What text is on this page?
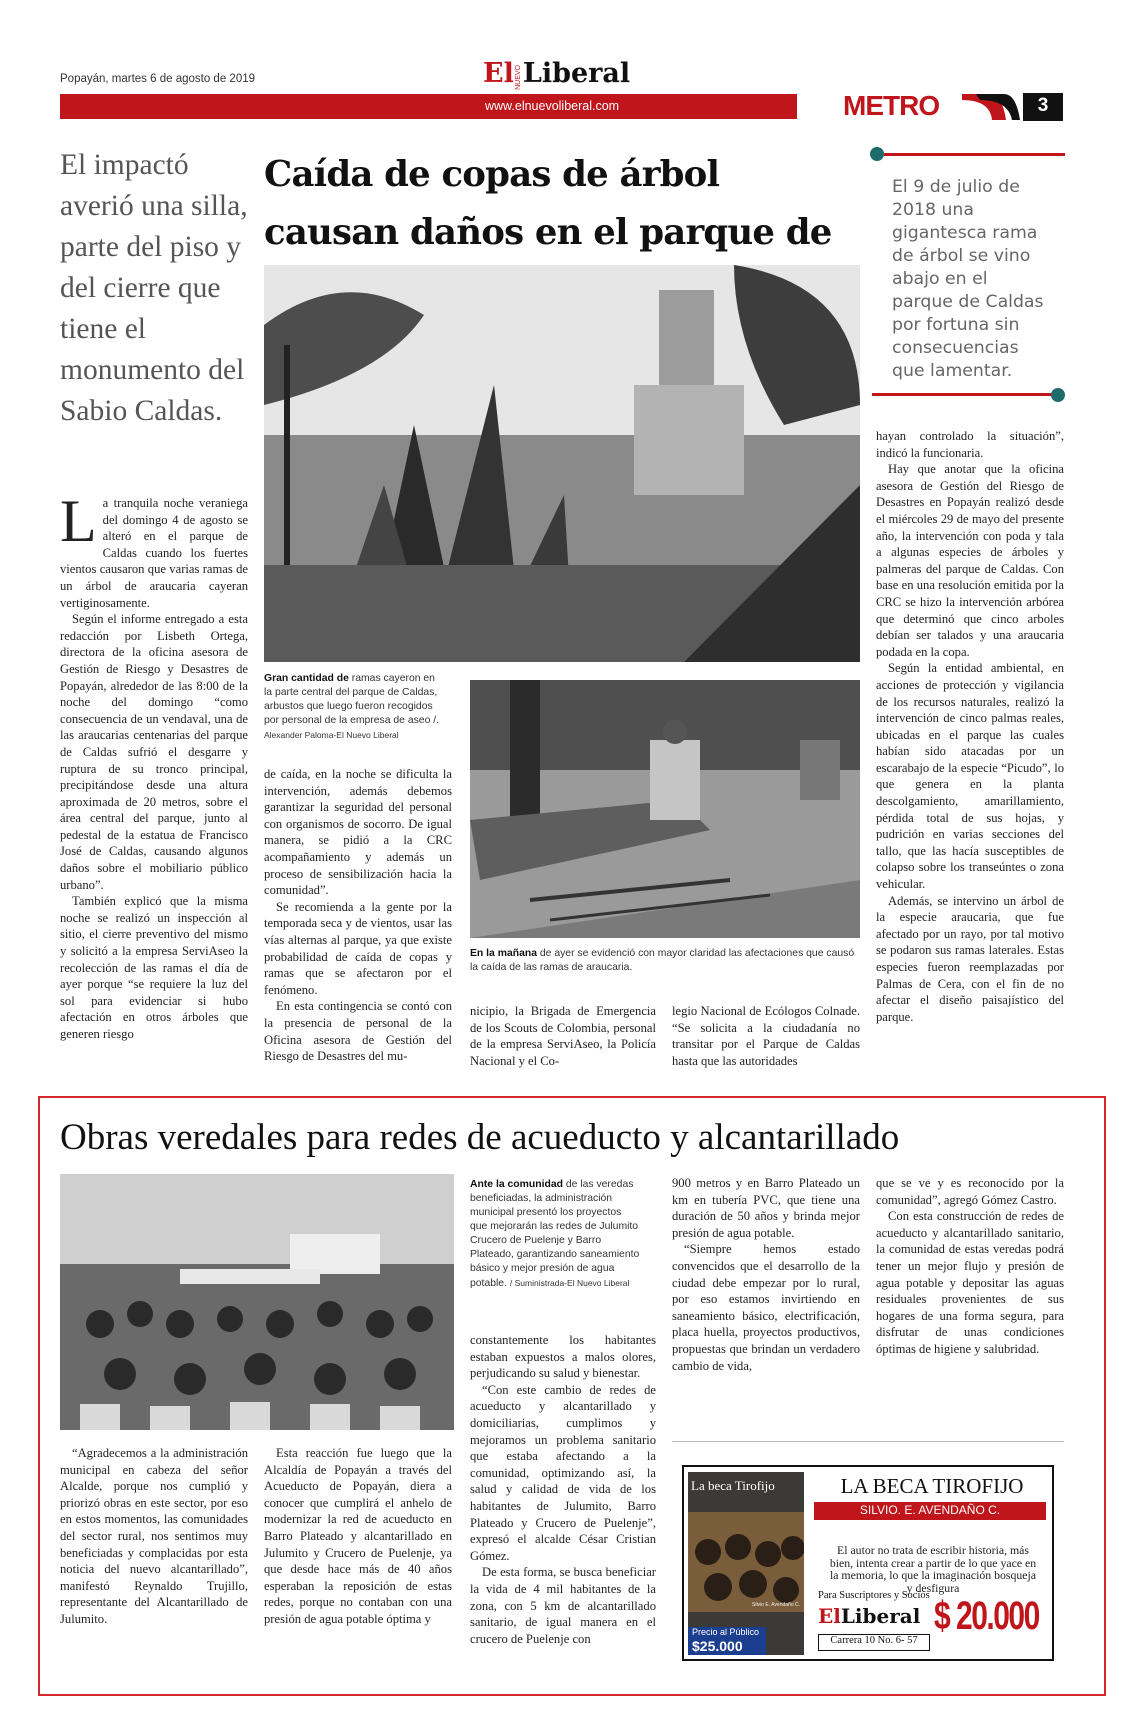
Popayán, martes 6 de agosto de 2019	ElNUEVOLiberal
www.elnuevoliberal.com	METRO	3
El impactó averió una silla, parte del piso y del cierre que tiene el monumento del Sabio Caldas.
Caída de copas de árbol causan daños en el parque de
El 9 de julio de 2018 una gigantesca rama de árbol se vino abajo en el parque de Caldas por fortuna sin consecuencias que lamentar.
Gran cantidad de ramas cayeron en la parte central del parque de Caldas, arbustos que luego fueron recogidos por personal de la empresa de aseo /.
Alexander Paloma-El Nuevo Liberal
En la mañana de ayer se evidenció con mayor claridad las afectaciones que causó la caída de las ramas de araucaria.

La tranquila noche veraniega del domingo 4 de agosto se alteró en el parque de Caldas cuando los fuertes vientos causaron que varias ramas de un árbol de araucaria cayeran vertiginosamente.

Según el informe entregado a esta redacción por Lisbeth Ortega, directora de la oficina asesora de Gestión de Riesgo y Desastres de Popayán, alrededor de las 8:00 de la noche del domingo “como consecuencia de un vendaval, una de las araucarias centenarias del parque de Caldas sufrió el desgarre y ruptura de su tronco principal, precipitándose desde una altura aproximada de 20 metros, sobre el área central del parque, junto al pedestal de la estatua de Francisco José de Caldas, causando algunos daños sobre el mobiliario público urbano”.

También explicó que la misma noche se realizó un inspección al sitio, el cierre preventivo del mismo y solicitó a la empresa ServiAseo la recolección de las ramas el día de ayer porque “se requiere la luz del sol para evidenciar si hubo afectación en otros árboles que generen riesgo

de caída, en la noche se dificulta la intervención, además debemos garantizar la seguridad del personal con organismos de socorro. De igual manera, se pidió a la CRC acompañamiento y además un proceso de sensibilización hacia la comunidad”.

Se recomienda a la gente por la temporada seca y de vientos, usar las vías alternas al parque, ya que existe probabilidad de caída de copas y ramas que se afectaron por el fenómeno.

En esta contingencia se contó con la presencia de personal de la Oficina asesora de Gestión del Riesgo de Desastres del mu-

nicipio, la Brigada de Emergencia de los Scouts de Colombia, personal de la empresa ServiAseo, la Policía Nacional y el Co-

legio Nacional de Ecólogos Colnade. “Se solicita a la ciudadanía no transitar por el Parque de Caldas hasta que las autoridades

hayan controlado la situación”, indicó la funcionaria.

Hay que anotar que la oficina asesora de Gestión del Riesgo de Desastres en Popayán realizó desde el miércoles 29 de mayo del presente año, la intervención con poda y tala a algunas especies de árboles y palmeras del parque de Caldas. Con base en una resolución emitida por la CRC se hizo la intervención arbórea que determinó que cinco arboles debían ser talados y una araucaria podada en la copa.

Según la entidad ambiental, en acciones de protección y vigilancia de los recursos naturales, realizó la intervención de cinco palmas reales, ubicadas en el parque las cuales habían sido atacadas por un escarabajo de la especie “Picudo”, lo que genera en la planta descolgamiento, amarillamiento, pérdida total de sus hojas, y pudrición en varias secciones del tallo, que las hacía susceptibles de colapso sobre los transeúntes o zona vehicular.

Además, se intervino un árbol de la especie araucaria, que fue afectado por un rayo, por tal motivo se podaron sus ramas laterales. Estas especies fueron reemplazadas por Palmas de Cera, con el fin de no afectar el diseño paisajístico del parque.

Obras veredales para redes de acueducto y alcantarillado
Ante la comunidad de las veredas beneficiadas, la administración municipal presentó los proyectos que mejorarán las redes de Julumito Crucero de Puelenje y Barro Plateado, garantizando saneamiento básico y mejor presión de agua potable. / Suministrada-El Nuevo Liberal

“Agradecemos a la administración municipal en cabeza del señor Alcalde, porque nos cumplió y priorizó obras en este sector, por eso en estos momentos, las comunidades del sector rural, nos sentimos muy beneficiadas y complacidas por esta noticia del nuevo alcantarillado”, manifestó Reynaldo Trujillo, representante del Alcantarillado de Julumito.

Esta reacción fue luego que la Alcaldía de Popayán a través del Acueducto de Popayán, diera a conocer que cumplirá el anhelo de modernizar la red de acueducto en Barro Plateado y alcantarillado en Julumito y Crucero de Puelenje, ya que desde hace más de 40 años esperaban la reposición de estas redes, porque no contaban con una presión de agua potable óptima y

constantemente los habitantes estaban expuestos a malos olores, perjudicando su salud y bienestar.

“Con este cambio de redes de acueducto y alcantarillado y domiciliarias, cumplimos y mejoramos un problema sanitario que estaba afectando a la comunidad, optimizando así, la salud y calidad de vida de los habitantes de Julumito, Barro Plateado y Crucero de Puelenje”, expresó el alcalde César Cristian Gómez.

De esta forma, se busca beneficiar la vida de 4 mil habitantes de la zona, con 5 km de alcantarillado sanitario, de igual manera en el crucero de Puelenje con

900 metros y en Barro Plateado un km en tubería PVC, que tiene una duración de 50 años y brinda mejor presión de agua potable.

“Siempre hemos estado convencidos que el desarrollo de la ciudad debe empezar por lo rural, por eso estamos invirtiendo en saneamiento básico, electrificación, placa huella, proyectos productivos, propuestas que brindan un verdadero cambio de vida,

que se ve y es reconocido por la comunidad”, agregó Gómez Castro.

Con esta construcción de redes de acueducto y alcantarillado sanitario, la comunidad de estas veredas podrá tener un mejor flujo y presión de agua potable y depositar las aguas residuales provenientes de sus hogares de una forma segura, para disfrutar de unas condiciones óptimas de higiene y salubridad.

La beca Tirofijo
Silvio E. Avendaño C.
Precio al Público
$25.000
LA BECA TIROFIJO
SILVIO. E. AVENDAÑO C.
El autor no trata de escribir historia, más bien, intenta crear a partir de lo que yace en la memoria, lo que la imaginación bosqueja y desfigura
Para Suscriptores y Socios
ElLiberal
Carrera 10 No. 6- 57
$ 20.000
